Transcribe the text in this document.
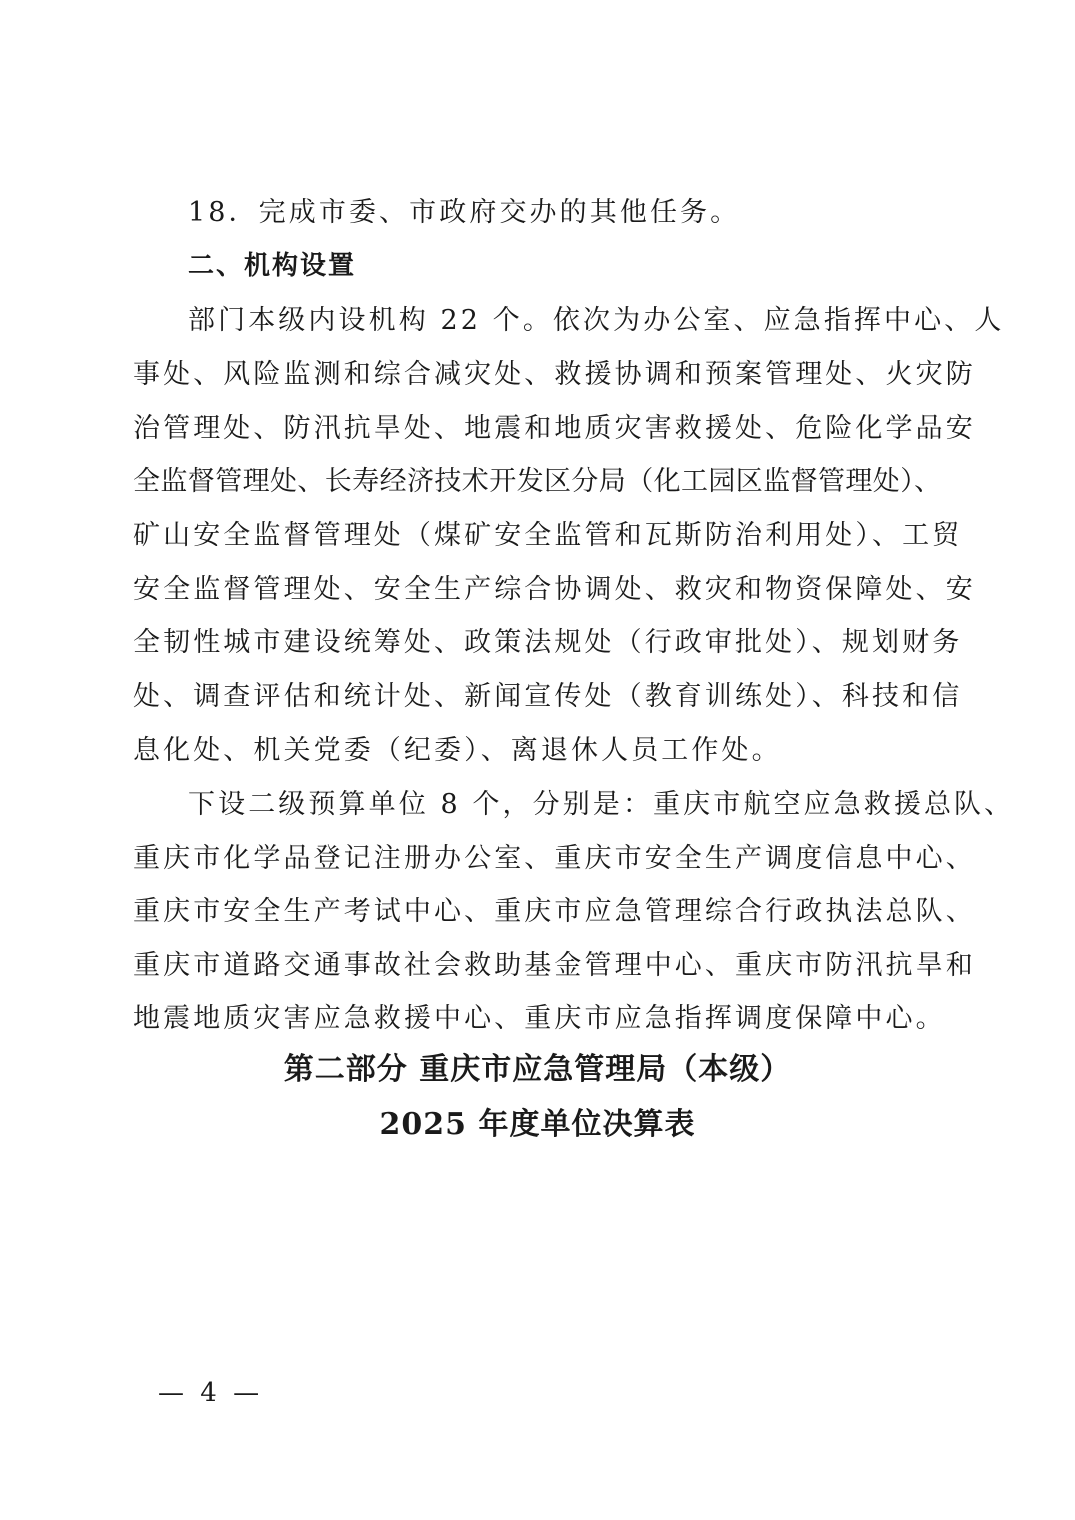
18．完成市委、市政府交办的其他任务。
二、机构设置
部门本级内设机构 22 个。依次为办公室、应急指挥中心、人
事处、风险监测和综合减灾处、救援协调和预案管理处、火灾防
治管理处、防汛抗旱处、地震和地质灾害救援处、危险化学品安
全监督管理处、长寿经济技术开发区分局（化工园区监督管理处）、
矿山安全监督管理处（煤矿安全监管和瓦斯防治利用处）、工贸
安全监督管理处、安全生产综合协调处、救灾和物资保障处、安
全韧性城市建设统筹处、政策法规处（行政审批处）、规划财务
处、调查评估和统计处、新闻宣传处（教育训练处）、科技和信
息化处、机关党委（纪委）、离退休人员工作处。
下设二级预算单位 8 个，分别是：重庆市航空应急救援总队、
重庆市化学品登记注册办公室、重庆市安全生产调度信息中心、
重庆市安全生产考试中心、重庆市应急管理综合行政执法总队、
重庆市道路交通事故社会救助基金管理中心、重庆市防汛抗旱和
地震地质灾害应急救援中心、重庆市应急指挥调度保障中心。
第二部分 重庆市应急管理局（本级）
2025 年度单位决算表
— 4 —
